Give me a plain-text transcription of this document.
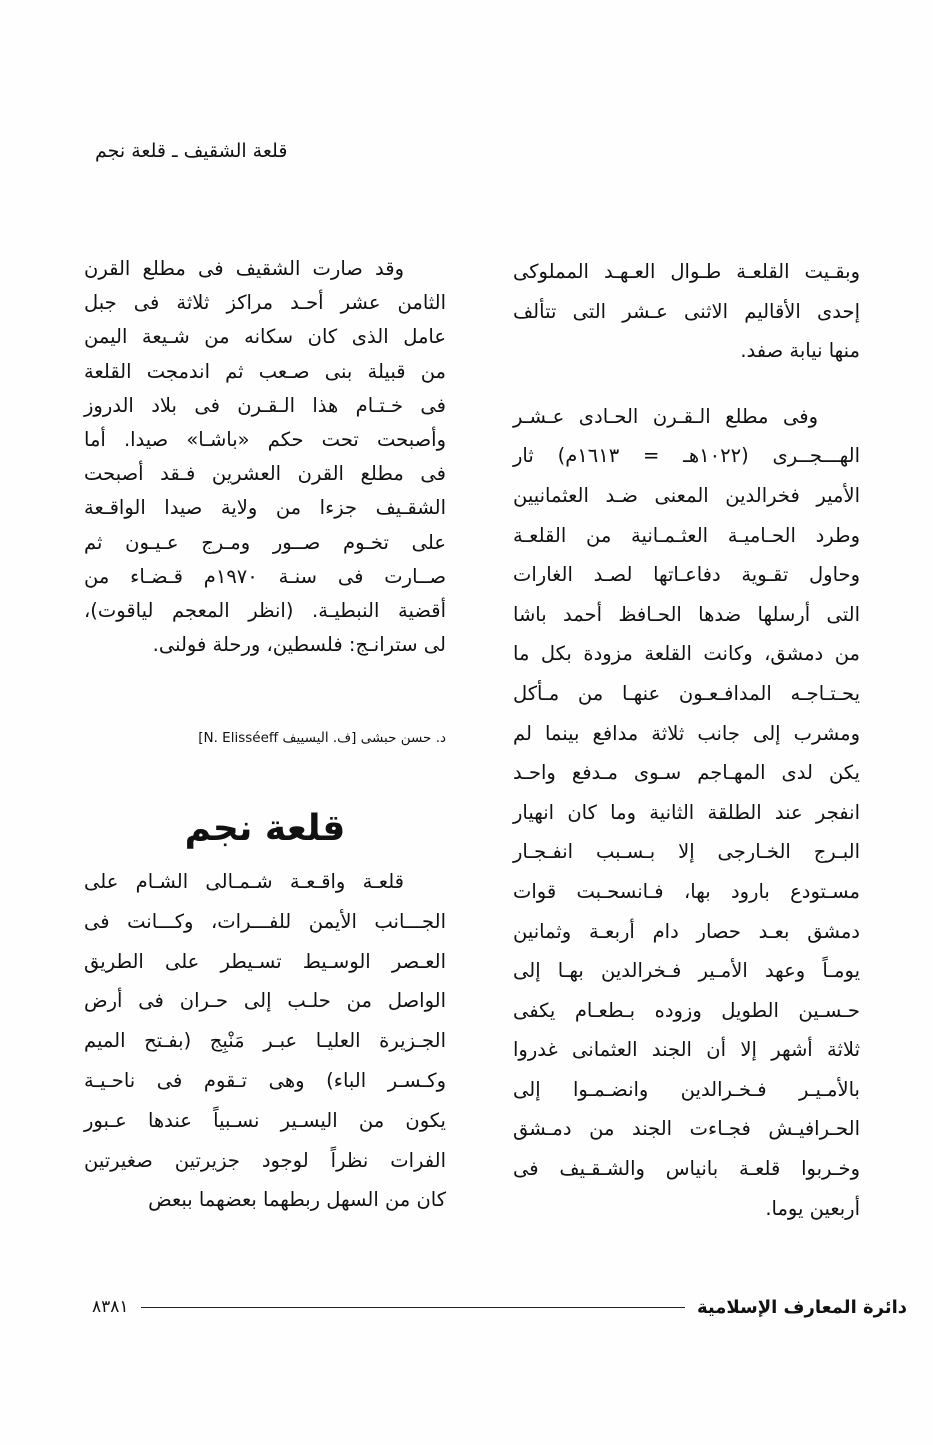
قلعة الشقيف ـ قلعة نجم
وبقـيت القلعـة طـوال العـهـد المملوكى
إحدى الأقاليم الاثنى عـشر التى تتألف
منها نيابة صفد.
وفى مطلع الـقـرن الحـادى عـشـر
الهـــجــرى (١٠٢٢هـ = ١٦١٣م) ثار
الأمير فخرالدين المعنى ضـد العثمانيين
وطرد الحـاميـة العثـمـانية من القلعـة
وحاول تقـوية دفاعـاتها لصـد الغارات
التى أرسلها ضدها الحـافظ أحمد باشا
من دمشق، وكانت القلعة مزودة بكل ما
يحـتـاجـه المدافـعـون عنهـا من مـأكل
ومشرب إلى جانب ثلاثة مدافع بينما لم
يكن لدى المهـاجم سـوى مـدفع واحـد
انفجر عند الطلقة الثانية وما كان انهيار
البـرج الخـارجى إلا بـسـبب انفـجـار
مسـتودع بارود بها، فـانسحـبت قوات
دمشق بعـد حصار دام أربعـة وثمانين
يومـاً وعهد الأمـير فـخرالدين بهـا إلى
حـسـين الطويل وزوده بـطعـام يكفى
ثلاثة أشهر إلا أن الجند العثمانى غدروا
بالأمـيـر فـخـرالدين وانضـمـوا إلى
الحـرافيـش فجـاءت الجند من دمـشق
وخـربوا قلعـة بانياس والشـقـيف فى
أربعين يوما.
وقد صارت الشقيف فى مطلع القرن
الثامن عشر أحـد مراكز ثلاثة فى جبل
عامل الذى كان سكانه من شـيعة اليمن
من قبيلة بنى صـعب ثم اندمجت القلعة
فى خـتـام هذا الـقـرن فى بلاد الدروز
وأصبحت تحت حكم «باشـا» صيدا. أما
فى مطلع القرن العشرين فـقد أصبحت
الشقـيف جزءا من ولاية صيدا الواقـعة
على تخـوم صــور ومـرج عـيـون ثم
صــارت فى سنـة ١٩٧٠م قـضـاء من
أقضية النبطيـة. (انظر المعجم لياقوت)،
لى سترانـج: فلسطين، ورحلة فولنى.
د. حسن حبشى [ف. اليسييف N. Elisséeff]
قلعة نجم
قلعـة واقـعـة شـمـالى الشـام على
الجـــانب الأيمن للفـــرات، وكـــانت فى
العـصر الوسـيط تسـيطر على الطريق
الواصل من حلـب إلى حـران فى أرض
الجـزيرة العليـا عبـر مَنْبِج (بفـتح الميم
وكـسـر الباء) وهى تـقوم فى ناحـيـة
يكون من اليسـير نسـبياً عندها عـبور
الفرات نظراً لوجود جزيرتين صغيرتين
كان من السهل ربطهما بعضهما ببعض
دائرة المعارف الإسلامية
٨٣٨١
